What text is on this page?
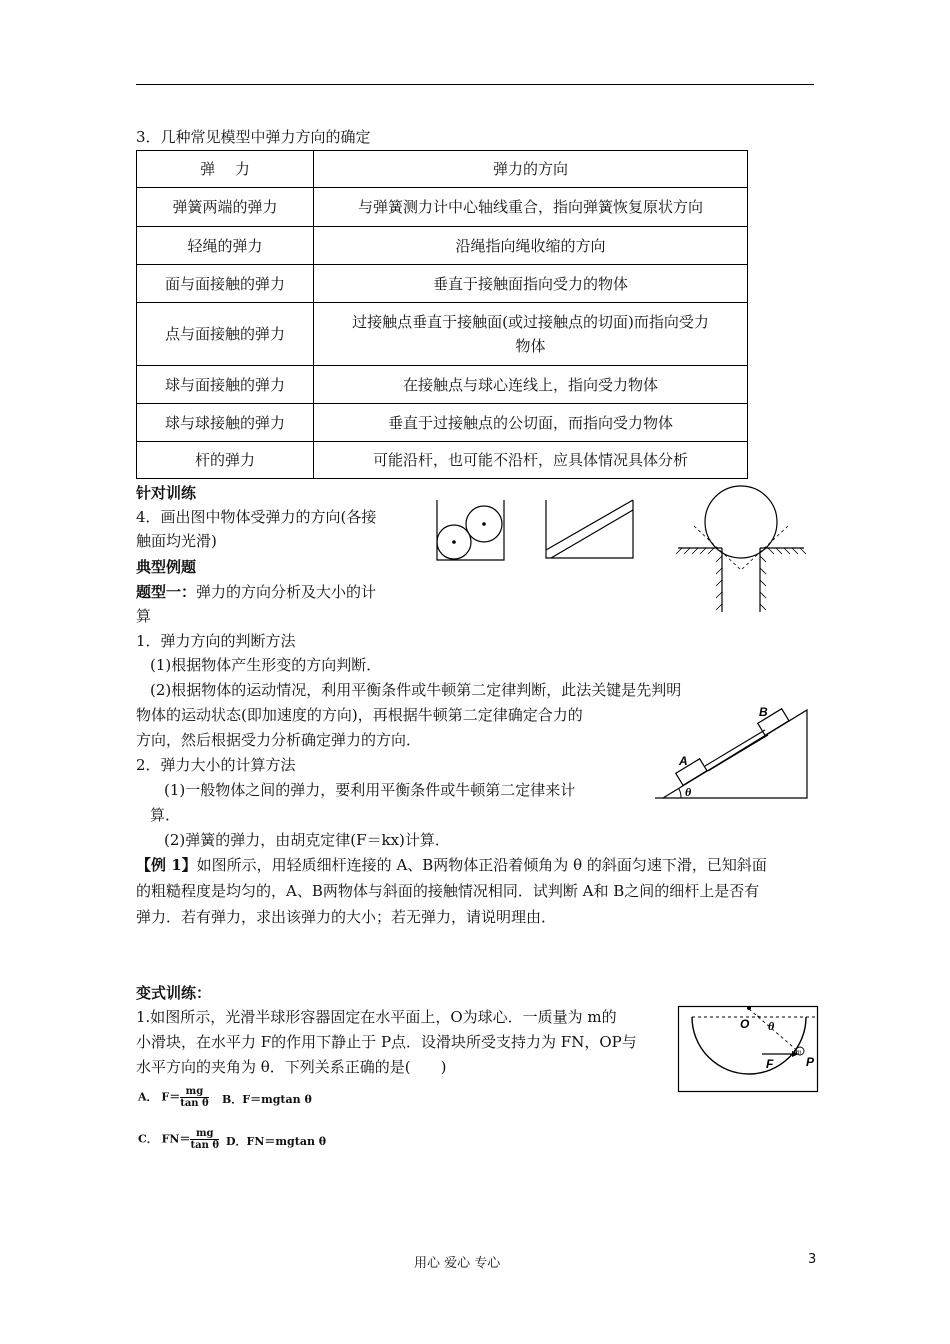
3．几种常见模型中弹力方向的确定
弹　 力	弹力的方向
弹簧两端的弹力	与弹簧测力计中心轴线重合，指向弹簧恢复原状方向
轻绳的弹力	沿绳指向绳收缩的方向
面与面接触的弹力	垂直于接触面指向受力的物体
点与面接触的弹力	过接触点垂直于接触面(或过接触点的切面)而指向受力
物体
球与面接触的弹力	在接触点与球心连线上，指向受力物体
球与球接触的弹力	垂直于过接触点的公切面，而指向受力物体
杆的弹力	可能沿杆，也可能不沿杆，应具体情况具体分析
针对训练
4．画出图中物体受弹力的方向(各接
触面均光滑)
典型例题
题型一：弹力的方向分析及大小的计
算
1．弹力方向的判断方法
(1)根据物体产生形变的方向判断．
(2)根据物体的运动情况，利用平衡条件或牛顿第二定律判断，此法关键是先判明
物体的运动状态(即加速度的方向)，再根据牛顿第二定律确定合力的
方向，然后根据受力分析确定弹力的方向．
2．弹力大小的计算方法
(1)一般物体之间的弹力，要利用平衡条件或牛顿第二定律来计
算．
(2)弹簧的弹力，由胡克定律(F＝kx)计算．
A
B
θ
【例 1】如图所示，用轻质细杆连接的 A、B两物体正沿着倾角为 θ 的斜面匀速下滑，已知斜面
的粗糙程度是均匀的，A、B两物体与斜面的接触情况相同．试判断 A和 B之间的细杆上是否有
弹力．若有弹力，求出该弹力的大小；若无弹力，请说明理由．
变式训练：
1.如图所示，光滑半球形容器固定在水平面上，O为球心．一质量为 m的
小滑块，在水平力 F的作用下静止于 P点．设滑块所受支持力为 FN，OP与
水平方向的夹角为 θ．下列关系正确的是(　　)
O θ
F
m
P
A． $F= \frac{mg}{\text{tan θ}}$ B．F＝mgtan θ
C． $FN= \frac{mg}{\text{tan θ}}$ D．FN＝mgtan θ
用心 爱心 专心	3
